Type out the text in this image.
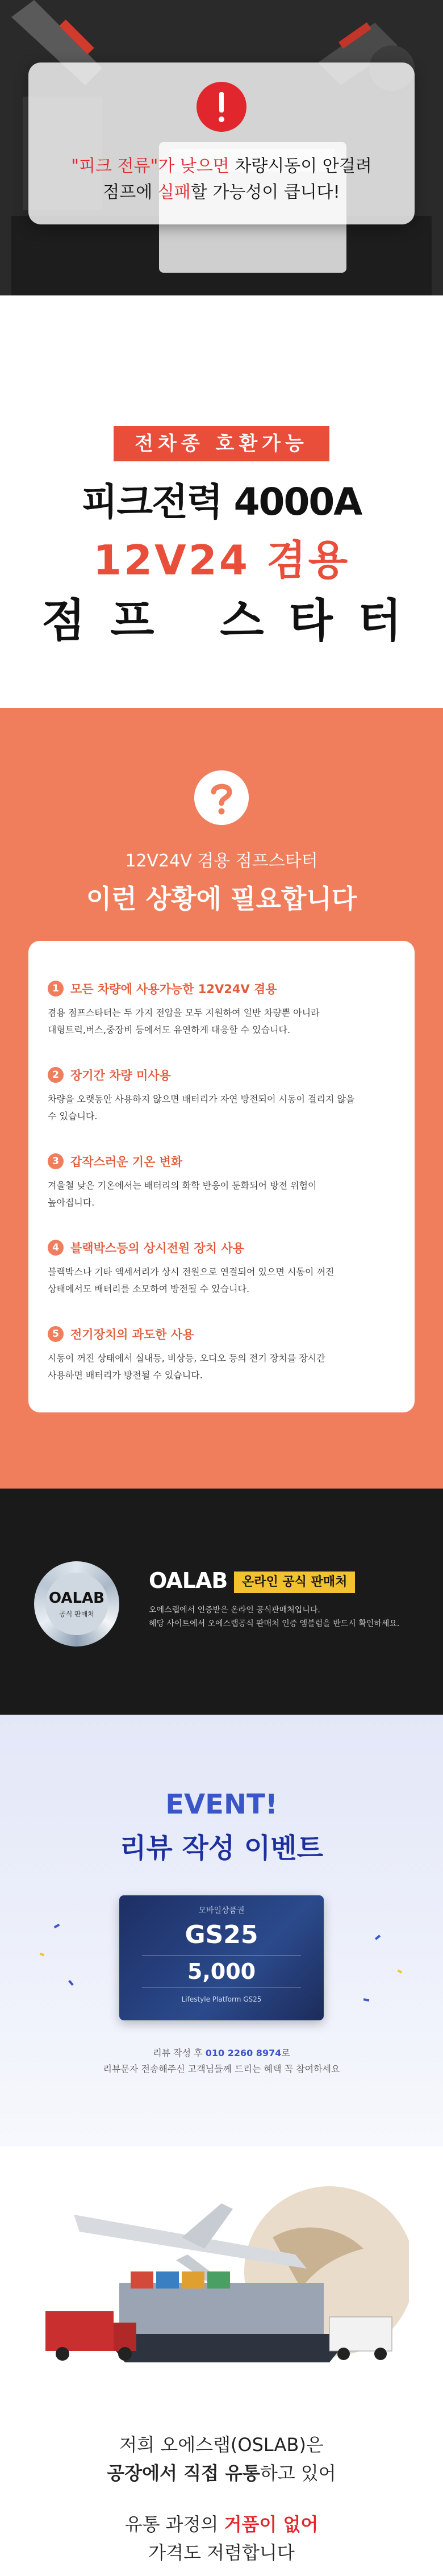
"피크 전류"가 낮으면 차량시동이 안걸려
점프에 실패할 가능성이 큽니다!
전차종 호환가능
피크전력 4000A
12V24 겸용
점프 스타터
12V24V 겸용 점프스타터
이런 상황에 필요합니다
1 모든 차량에 사용가능한 12V24V 겸용
겸용 점프스타터는 두 가지 전압을 모두 지원하여 일반 차량뿐 아니라
대형트럭,버스,중장비 등에서도 유연하게 대응할 수 있습니다.
2 장기간 차량 미사용
차량을 오랫동안 사용하지 않으면 배터리가 자연 방전되어 시동이 걸리지 않을
수 있습니다.
3 갑작스러운 기온 변화
겨울철 낮은 기온에서는 배터리의 화학 반응이 둔화되어 방전 위험이
높아집니다.
4 블랙박스등의 상시전원 장치 사용
블랙박스나 기타 액세서리가 상시 전원으로 연결되어 있으면 시동이 꺼진
상태에서도 배터리를 소모하여 방전될 수 있습니다.
5 전기장치의 과도한 사용
시동이 꺼진 상태에서 실내등, 비상등, 오디오 등의 전기 장치를 장시간
사용하면 배터리가 방전될 수 있습니다.
OALAB
공식 판매처
OALAB	온라인 공식 판매처
오에스랩에서 인증받은 온라인 공식판매처입니다.
해당 사이트에서 오에스랩공식 판매처 인증 엠블럼을 반드시 확인하세요.
EVENT!
리뷰 작성 이벤트
모바일상품권
GS25
5,000
Lifestyle Platform GS25
리뷰 작성 후 010 2260 8974로
리뷰문자 전송해주신 고객님들께 드리는 혜택 꼭 참여하세요
저희 오에스랩(OSLAB)은
공장에서 직접 유통하고 있어
유통 과정의 거품이 없어
가격도 저렴합니다
